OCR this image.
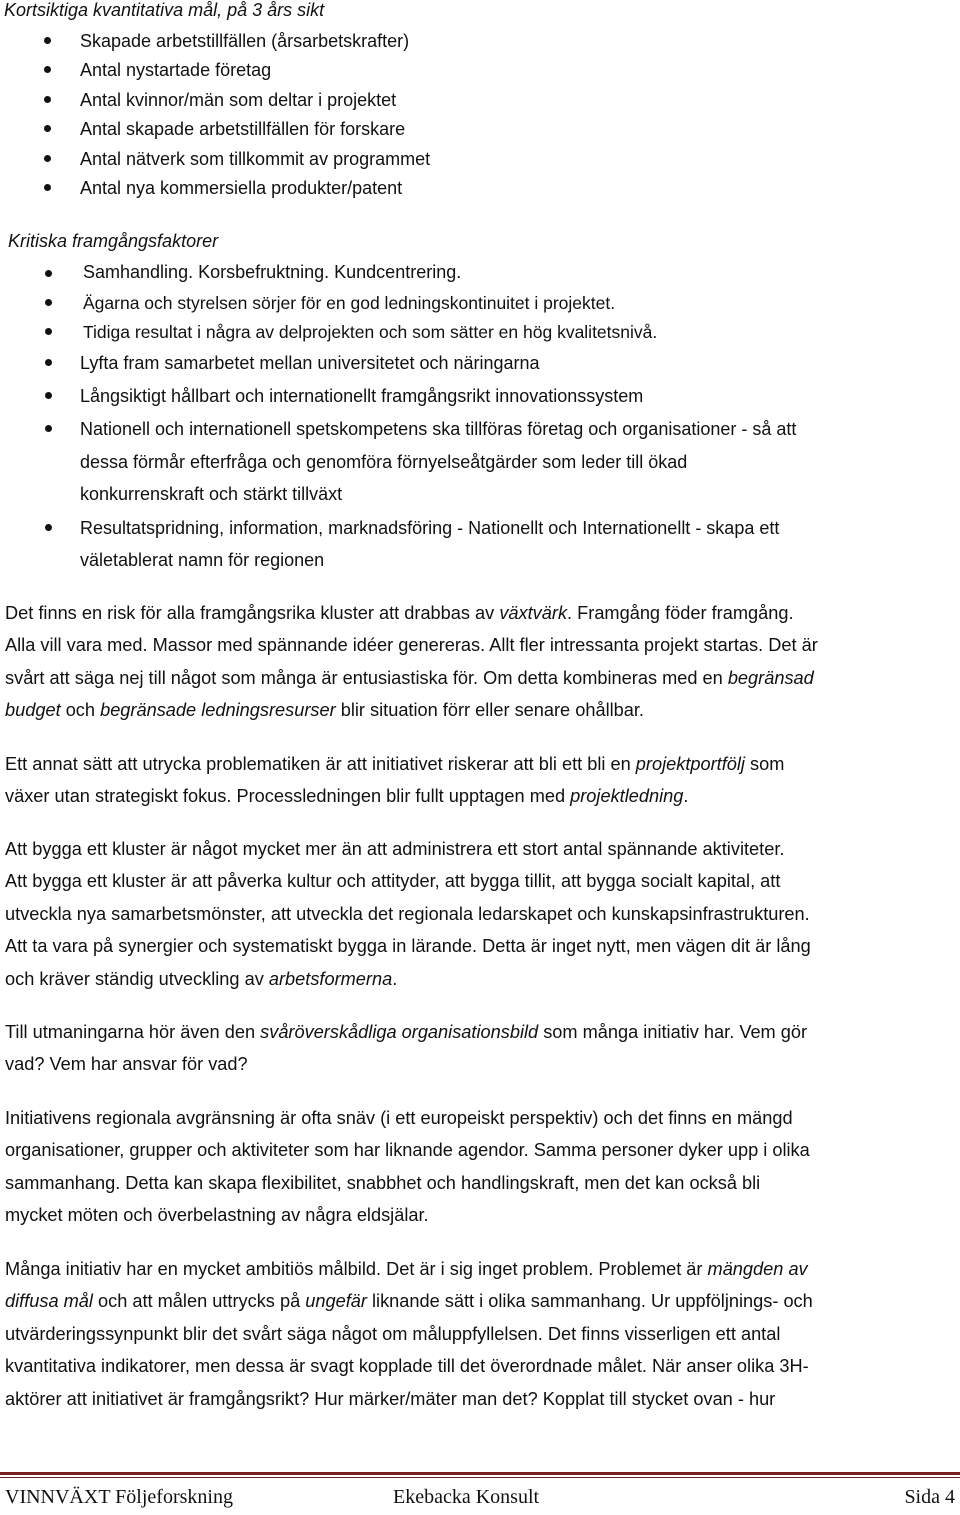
Kortsiktiga kvantitativa mål, på 3 års sikt
Skapade arbetstillfällen (årsarbetskrafter)
Antal nystartade företag
Antal kvinnor/män som deltar i projektet
Antal skapade arbetstillfällen för forskare
Antal nätverk som tillkommit av programmet
Antal nya kommersiella produkter/patent
Kritiska framgångsfaktorer
Samhandling. Korsbefruktning. Kundcentrering.
Ägarna och styrelsen sörjer för en god ledningskontinuitet i projektet.
Tidiga resultat i några av delprojekten och som sätter en hög kvalitetsnivå.
Lyfta fram samarbetet mellan universitetet och näringarna
Långsiktigt hållbart och internationellt framgångsrikt innovationssystem
Nationell och internationell spetskompetens ska tillföras företag och organisationer - så att
dessa förmår efterfråga och genomföra förnyelseåtgärder som leder till ökad
konkurrenskraft och stärkt tillväxt
Resultatspridning, information, marknadsföring - Nationellt och Internationellt - skapa ett
väletablerat namn för regionen
Det finns en risk för alla framgångsrika kluster att drabbas av växtvärk. Framgång föder framgång.
Alla vill vara med. Massor med spännande idéer genereras. Allt fler intressanta projekt startas. Det är
svårt att säga nej till något som många är entusiastiska för. Om detta kombineras med en begränsad
budget och begränsade ledningsresurser blir situation förr eller senare ohållbar.
Ett annat sätt att utrycka problematiken är att initiativet riskerar att bli ett bli en projektportfölj som
växer utan strategiskt fokus. Processledningen blir fullt upptagen med projektledning.
Att bygga ett kluster är något mycket mer än att administrera ett stort antal spännande aktiviteter.
Att bygga ett kluster är att påverka kultur och attityder, att bygga tillit, att bygga socialt kapital, att
utveckla nya samarbetsmönster, att utveckla det regionala ledarskapet och kunskapsinfrastrukturen.
Att ta vara på synergier och systematiskt bygga in lärande. Detta är inget nytt, men vägen dit är lång
och kräver ständig utveckling av arbetsformerna.
Till utmaningarna hör även den svåröverskådliga organisationsbild som många initiativ har. Vem gör
vad? Vem har ansvar för vad?
Initiativens regionala avgränsning är ofta snäv (i ett europeiskt perspektiv) och det finns en mängd
organisationer, grupper och aktiviteter som har liknande agendor. Samma personer dyker upp i olika
sammanhang. Detta kan skapa flexibilitet, snabbhet och handlingskraft, men det kan också bli
mycket möten och överbelastning av några eldsjälar.
Många initiativ har en mycket ambitiös målbild. Det är i sig inget problem. Problemet är mängden av
diffusa mål och att målen uttrycks på ungefär liknande sätt i olika sammanhang. Ur uppföljnings- och
utvärderingssynpunkt blir det svårt säga något om måluppfyllelsen. Det finns visserligen ett antal
kvantitativa indikatorer, men dessa är svagt kopplade till det överordnade målet. När anser olika 3H-
aktörer att initiativet är framgångsrikt? Hur märker/mäter man det? Kopplat till stycket ovan - hur
VINNVÄXT Följeforskning	Ekebacka Konsult	Sida 4
